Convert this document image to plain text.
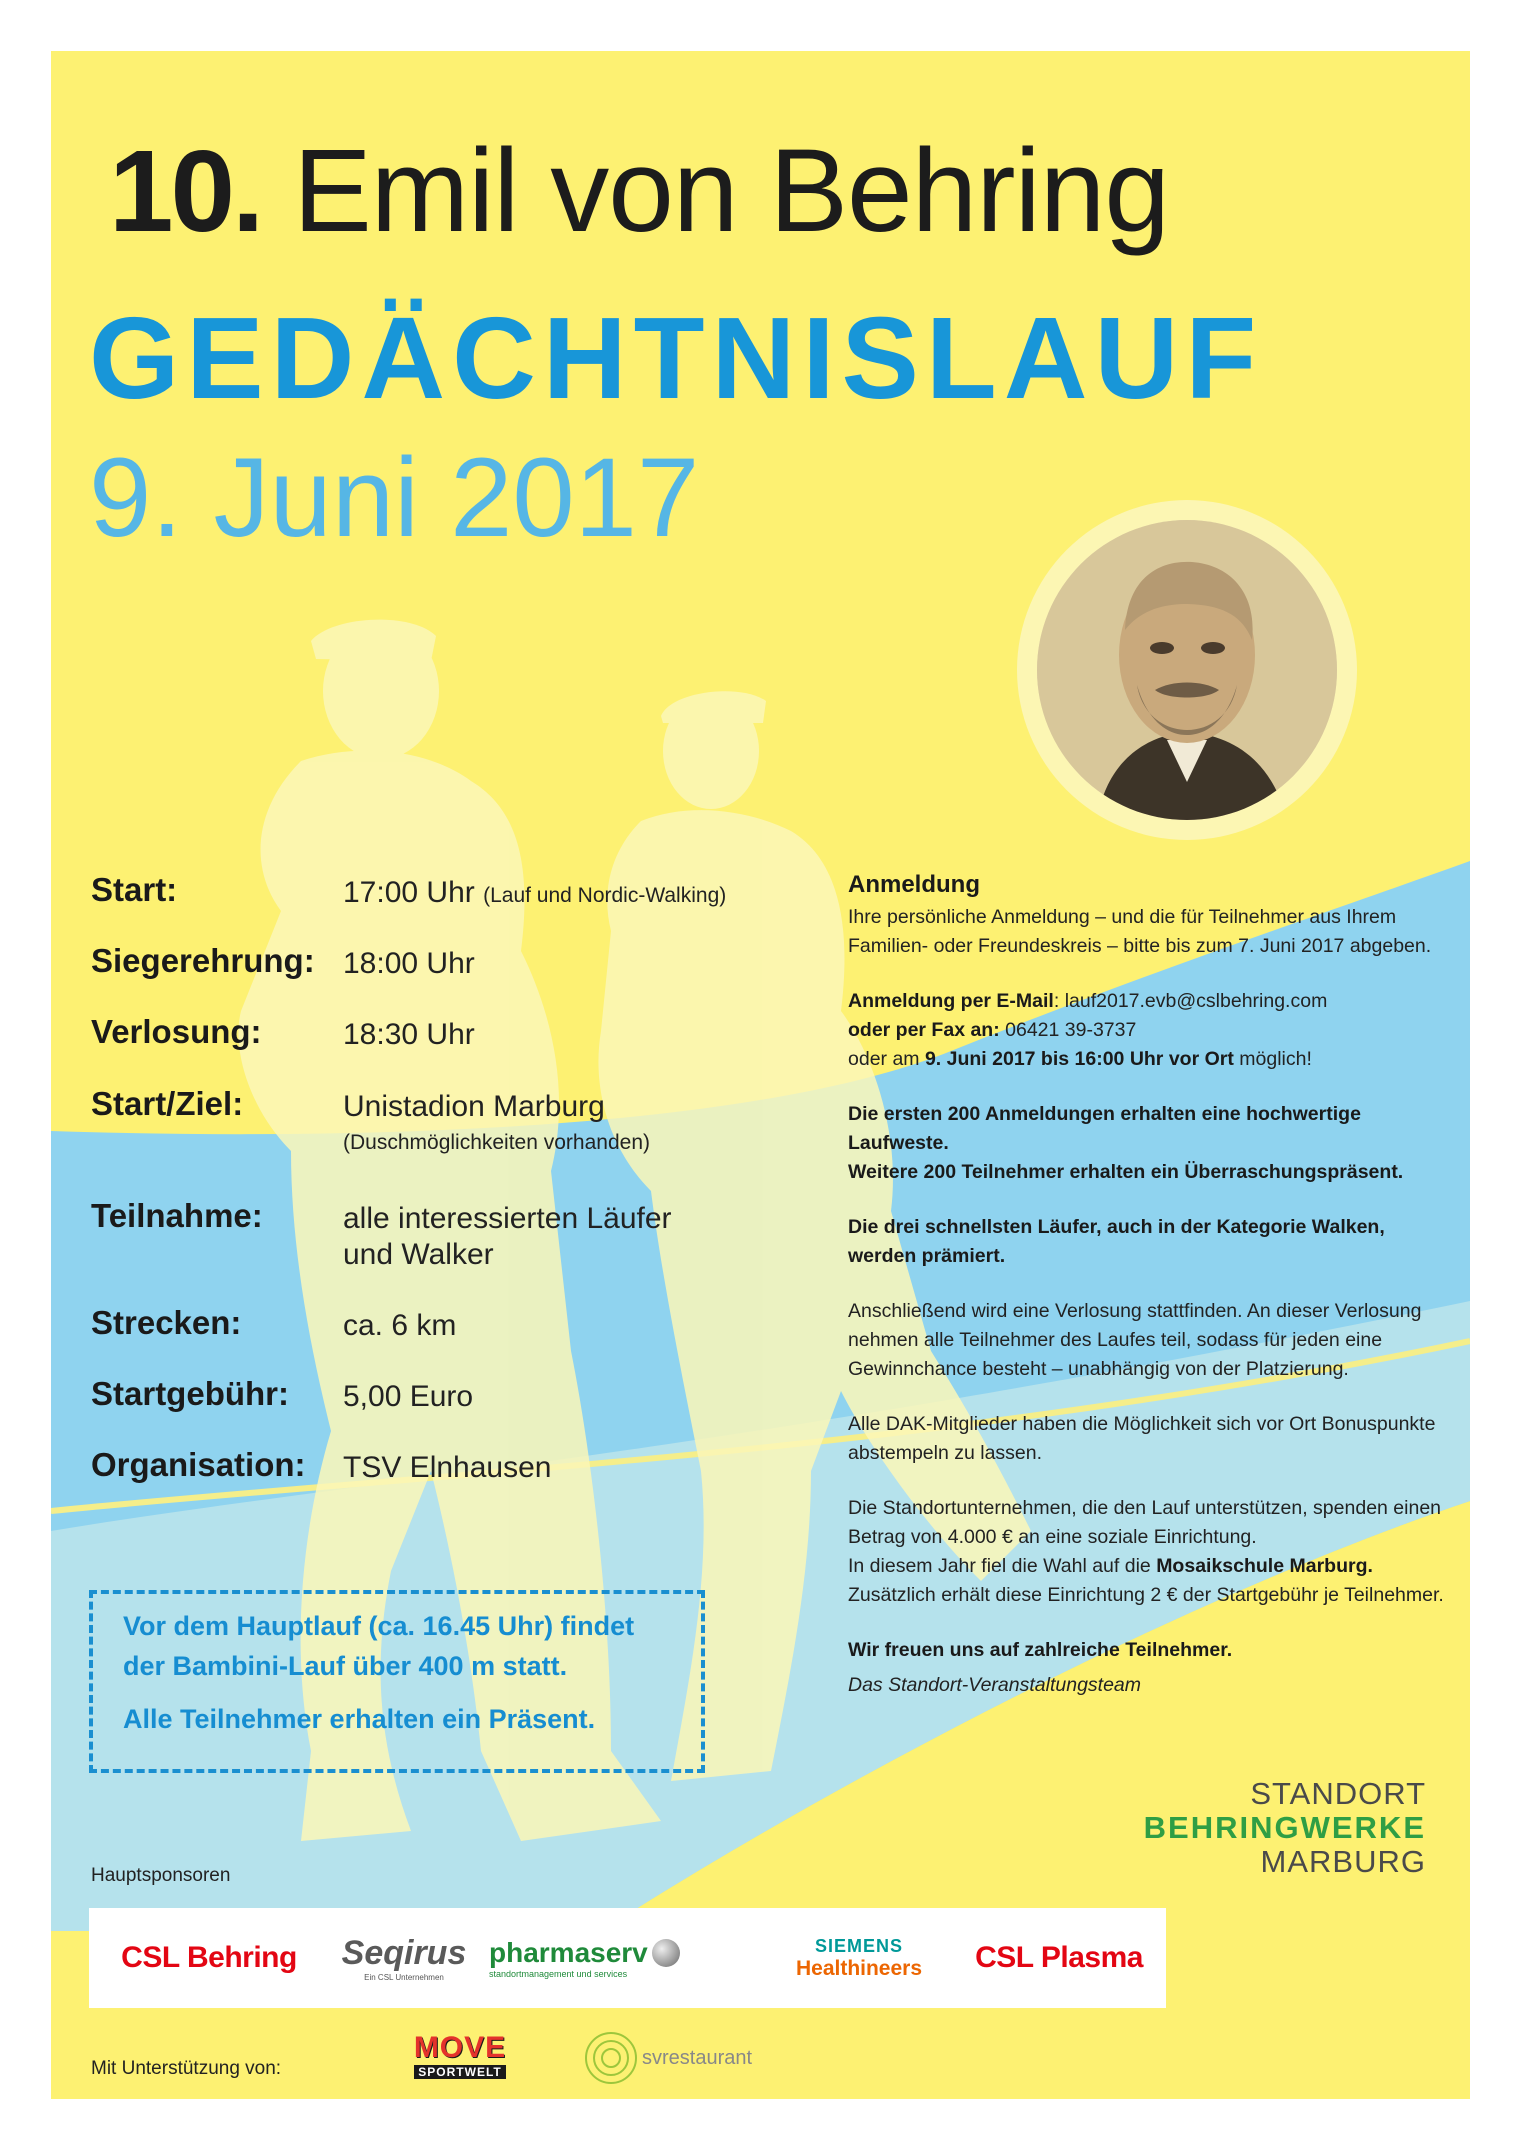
10. Emil von Behring
GEDÄCHTNISLAUF
9. Juni 2017
Start:	17:00 Uhr (Lauf und Nordic-Walking)
Siegerehrung: 18:00 Uhr
Verlosung:	18:30 Uhr
Start/Ziel:	Unistadion Marburg
(Duschmöglichkeiten vorhanden)
Teilnahme:	alle interessierten Läufer
und Walker
Strecken:	ca. 6 km
Startgebühr: 5,00 Euro
Organisation: TSV Elnhausen

Vor dem Hauptlauf (ca. 16.45 Uhr) findet

der Bambini-Lauf über 400 m statt.

Alle Teilnehmer erhalten ein Präsent.

Anmeldung

Ihre persönliche Anmeldung – und die für Teilnehmer aus Ihrem Familien- oder Freundeskreis – bitte bis zum 7. Juni 2017 abgeben.

Anmeldung per E-Mail: lauf2017.evb@cslbehring.com
oder per Fax an: 06421 39-3737
oder am 9. Juni 2017 bis 16:00 Uhr vor Ort möglich!

Die ersten 200 Anmeldungen erhalten eine hochwertige Laufweste.
Weitere 200 Teilnehmer erhalten ein Überraschungspräsent.

Die drei schnellsten Läufer, auch in der Kategorie Walken, werden prämiert.

Anschließend wird eine Verlosung stattfinden. An dieser Verlosung nehmen alle Teilnehmer des Laufes teil, sodass für jeden eine Gewinnchance besteht – unabhängig von der Platzierung.

Alle DAK-Mitglieder haben die Möglichkeit sich vor Ort Bonuspunkte abstempeln zu lassen.

Die Standortunternehmen, die den Lauf unterstützen, spenden einen Betrag von 4.000 € an eine soziale Einrichtung.
In diesem Jahr fiel die Wahl auf die Mosaikschule Marburg.
Zusätzlich erhält diese Einrichtung 2 € der Startgebühr je Teilnehmer.

Wir freuen uns auf zahlreiche Teilnehmer.

Das Standort-Veranstaltungsteam

STANDORT
BEHRINGWERKE
MARBURG
Hauptsponsoren
CSL Behring Seqirus
Ein CSL Unternehmen
pharmaserv
standortmanagement und services
SIEMENS
Healthineers CSL Plasma
Mit Unterstützung von:
MOVE
SPORTWELT
svrestaurant
